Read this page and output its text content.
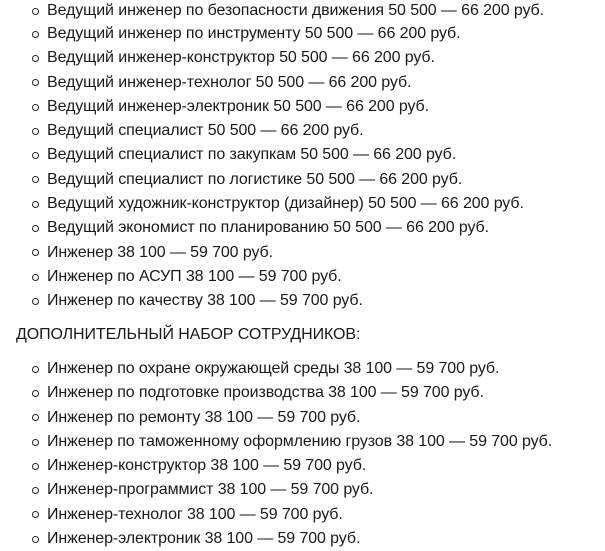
Ведущий инженер по безопасности движения 50 500 — 66 200 руб.
Ведущий инженер по инструменту 50 500 — 66 200 руб.
Ведущий инженер-конструктор 50 500 — 66 200 руб.
Ведущий инженер-технолог 50 500 — 66 200 руб.
Ведущий инженер-электроник 50 500 — 66 200 руб.
Ведущий специалист 50 500 — 66 200 руб.
Ведущий специалист по закупкам 50 500 — 66 200 руб.
Ведущий специалист по логистике 50 500 — 66 200 руб.
Ведущий художник-конструктор (дизайнер) 50 500 — 66 200 руб.
Ведущий экономист по планированию 50 500 — 66 200 руб.
Инженер 38 100 — 59 700 руб.
Инженер по АСУП 38 100 — 59 700 руб.
Инженер по качеству 38 100 — 59 700 руб.
ДОПОЛНИТЕЛЬНЫЙ НАБОР СОТРУДНИКОВ:
Инженер по охране окружающей среды 38 100 — 59 700 руб.
Инженер по подготовке производства 38 100 — 59 700 руб.
Инженер по ремонту 38 100 — 59 700 руб.
Инженер по таможенному оформлению грузов 38 100 — 59 700 руб.
Инженер-конструктор 38 100 — 59 700 руб.
Инженер-программист 38 100 — 59 700 руб.
Инженер-технолог 38 100 — 59 700 руб.
Инженер-электроник 38 100 — 59 700 руб.
